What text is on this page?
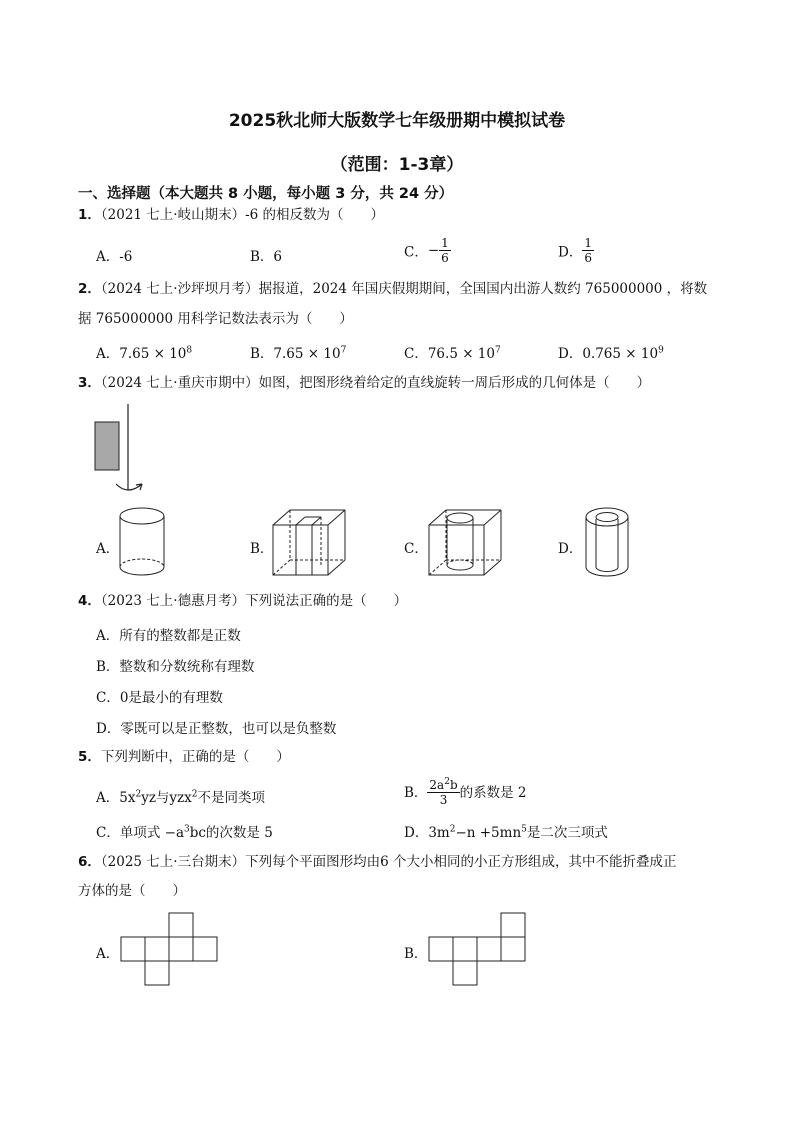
2025秋北师大版数学七年级册期中模拟试卷
（范围：1-3章）
一、选择题（本大题共 8 小题，每小题 3 分，共 24 分）
1．（2021 七上·岐山期末）-6 的相反数为（　　）
A．-6	B．6	C．− $\frac{1}{6}$	D． $\frac{1}{6}$
2．（2024 七上·沙坪坝月考）据报道，2024 年国庆假期期间，全国国内出游人数约 765000000 ，将数
据 765000000 用科学记数法表示为（　　）
A．$7.65 \times 10^8$	B．$7.65 \times 10^7$	C．$76.5 \times 10^7$	D．$0.765 \times 10^9$
3．（2024 七上·重庆市期中）如图，把图形绕着给定的直线旋转一周后形成的几何体是（　　）
A．	B．	C．	D．
4．（2023 七上·德惠月考）下列说法正确的是（　　）
A．所有的整数都是正数
B．整数和分数统称有理数
C．0是最小的有理数
D．零既可以是正整数，也可以是负整数
5．下列判断中，正确的是（　　）
A．$5x^2yz$与yzx$^2$不是同类项	B． $\frac{2a^2b}{3}$ 的系数是 2
C．单项式 $-a^3bc$的次数是 5	D．$3m^2-n +5mn^5$是二次三项式
6．（2025 七上·三台期末）下列每个平面图形均由6 个大小相同的小正方形组成，其中不能折叠成正
方体的是（　　）
A．	B．
